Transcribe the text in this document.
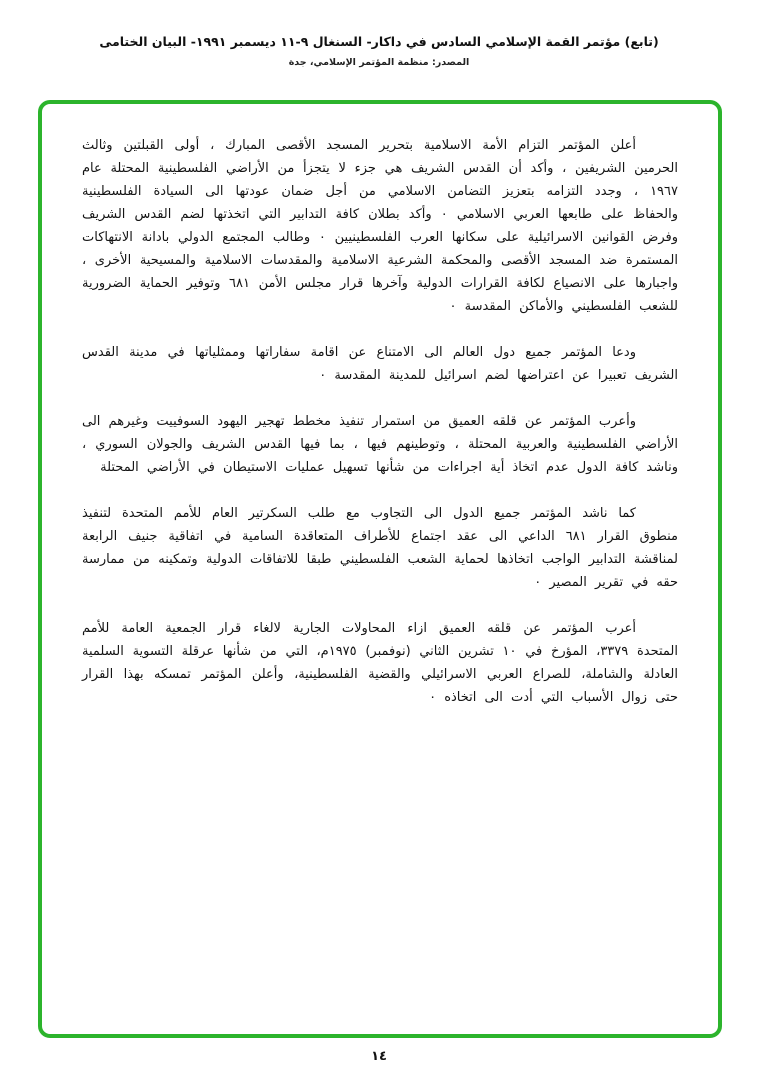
(تابع) مؤتمر القمة الإسلامي السادس في داكار- السنغال ٩-١١ ديسمبر ١٩٩١- البيان الختامى
المصدر: منظمة المؤتمر الإسلامي، جدة

أعلن المؤتمر التزام الأمة الاسلامية بتحرير المسجد الأقصى المبارك ، أولى القبلتين وثالث الحرمين الشريفين ، وأكد أن القدس الشريف هي جزء لا يتجزأ من الأراضي الفلسطينية المحتلة عام ١٩٦٧ ، وجدد التزامه بتعزيز التضامن الاسلامي من أجل ضمان عودتها الى السيادة الفلسطينية والحفاظ على طابعها العربي الاسلامي ٠ وأكد بطلان كافة التدابير التي اتخذتها لضم القدس الشريف وفرض القوانين الاسرائيلية على سكانها العرب الفلسطينيين ٠ وطالب المجتمع الدولي بادانة الانتهاكات المستمرة ضد المسجد الأقصى والمحكمة الشرعية الاسلامية والمقدسات الاسلامية والمسيحية الأخرى ، واجبارها على الانصياع لكافة القرارات الدولية وآخرها قرار مجلس الأمن ٦٨١ وتوفير الحماية الضرورية للشعب الفلسطيني والأماكن المقدسة ٠

ودعا المؤتمر جميع دول العالم الى الامتناع عن اقامة سفاراتها وممثلياتها في مدينة القدس الشريف تعبيرا عن اعتراضها لضم اسرائيل للمدينة المقدسة ٠

وأعرب المؤتمر عن قلقه العميق من استمرار تنفيذ مخطط تهجير اليهود السوفييت وغيرهم الى الأراضي الفلسطينية والعربية المحتلة ، وتوطينهم فيها ، بما فيها القدس الشريف والجولان السوري ، وناشد كافة الدول عدم اتخاذ أية اجراءات من شأنها تسهيل عمليات الاستيطان في الأراضي المحتلة

كما ناشد المؤتمر جميع الدول الى التجاوب مع طلب السكرتير العام للأمم المتحدة لتنفيذ منطوق القرار ٦٨١ الداعي الى عقد اجتماع للأطراف المتعاقدة السامية في اتفاقية جنيف الرابعة لمناقشة التدابير الواجب اتخاذها لحماية الشعب الفلسطيني طبقا للاتفاقات الدولية وتمكينه من ممارسة حقه في تقرير المصير ٠

أعرب المؤتمر عن قلقه العميق ازاء المحاولات الجارية لالغاء قرار الجمعية العامة للأمم المتحدة ٣٣٧٩، المؤرخ في ١٠ تشرين الثاني (نوفمبر) ١٩٧٥م، التي من شأنها عرقلة التسوية السلمية العادلة والشاملة، للصراع العربي الاسرائيلي والقضية الفلسطينية، وأعلن المؤتمر تمسكه بهذا القرار حتى زوال الأسباب التي أدت الى اتخاذه ٠

١٤
